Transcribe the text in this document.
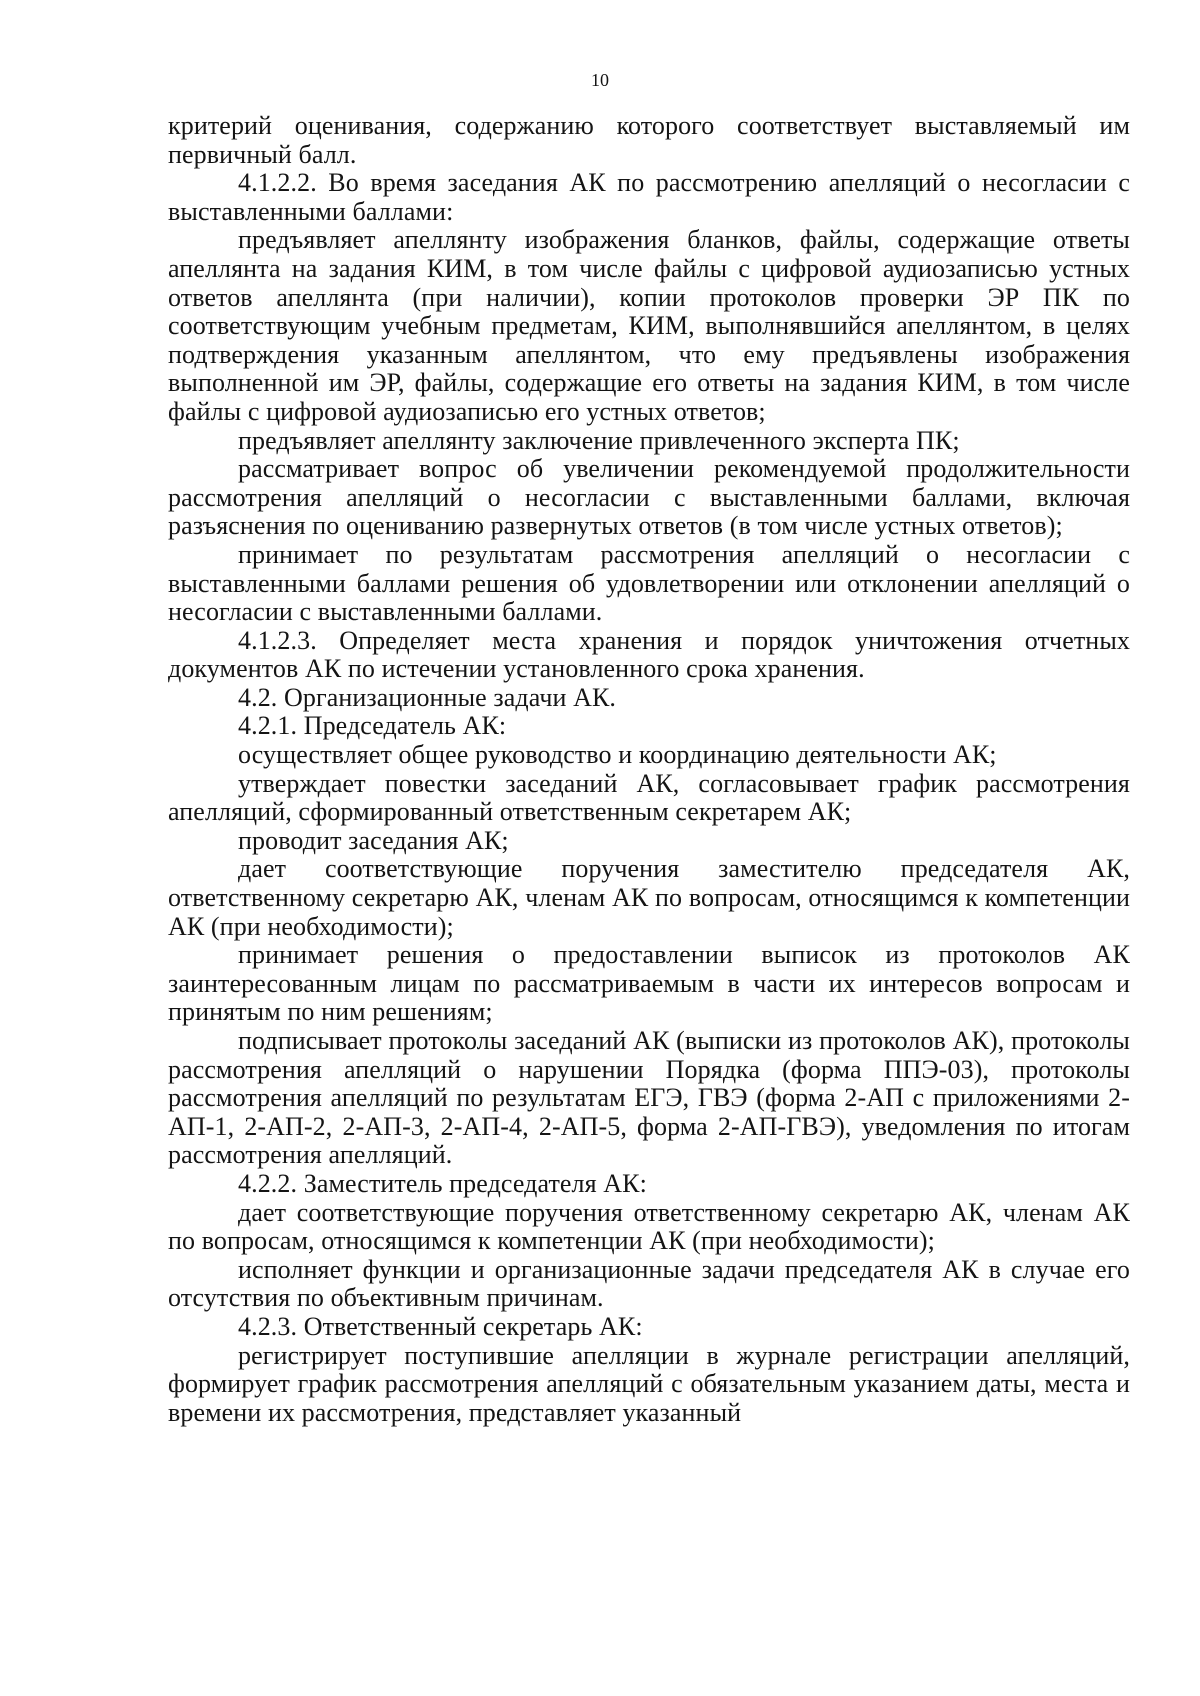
10

критерий оценивания, содержанию которого соответствует выставляемый им первичный балл.

4.1.2.2. Во время заседания АК по рассмотрению апелляций о несогласии с выставленными баллами:

предъявляет апеллянту изображения бланков, файлы, содержащие ответы апеллянта на задания КИМ, в том числе файлы с цифровой аудиозаписью устных ответов апеллянта (при наличии), копии протоколов проверки ЭР ПК по соответствующим учебным предметам, КИМ, выполнявшийся апеллянтом, в целях подтверждения указанным апеллянтом, что ему предъявлены изображения выполненной им ЭР, файлы, содержащие его ответы на задания КИМ, в том числе файлы с цифровой аудиозаписью его устных ответов;

предъявляет апеллянту заключение привлеченного эксперта ПК;

рассматривает вопрос об увеличении рекомендуемой продолжительности рассмотрения апелляций о несогласии с выставленными баллами, включая разъяснения по оцениванию развернутых ответов (в том числе устных ответов);

принимает по результатам рассмотрения апелляций о несогласии с выставленными баллами решения об удовлетворении или отклонении апелляций о несогласии с выставленными баллами.

4.1.2.3. Определяет места хранения и порядок уничтожения отчетных документов АК по истечении установленного срока хранения.

4.2. Организационные задачи АК.

4.2.1. Председатель АК:

осуществляет общее руководство и координацию деятельности АК;

утверждает повестки заседаний АК, согласовывает график рассмотрения апелляций, сформированный ответственным секретарем АК;

проводит заседания АК;

дает соответствующие поручения заместителю председателя АК, ответственному секретарю АК, членам АК по вопросам, относящимся к компетенции АК (при необходимости);

принимает решения о предоставлении выписок из протоколов АК заинтересованным лицам по рассматриваемым в части их интересов вопросам и принятым по ним решениям;

подписывает протоколы заседаний АК (выписки из протоколов АК), протоколы рассмотрения апелляций о нарушении Порядка (форма ППЭ-03), протоколы рассмотрения апелляций по результатам ЕГЭ, ГВЭ (форма 2-АП с приложениями 2-АП-1, 2-АП-2, 2-АП-3, 2-АП-4, 2-АП-5, форма 2-АП-ГВЭ), уведомления по итогам рассмотрения апелляций.

4.2.2. Заместитель председателя АК:

дает соответствующие поручения ответственному секретарю АК, членам АК по вопросам, относящимся к компетенции АК (при необходимости);

исполняет функции и организационные задачи председателя АК в случае его отсутствия по объективным причинам.

4.2.3. Ответственный секретарь АК:

регистрирует поступившие апелляции в журнале регистрации апелляций, формирует график рассмотрения апелляций с обязательным указанием даты, места и времени их рассмотрения, представляет указанный
